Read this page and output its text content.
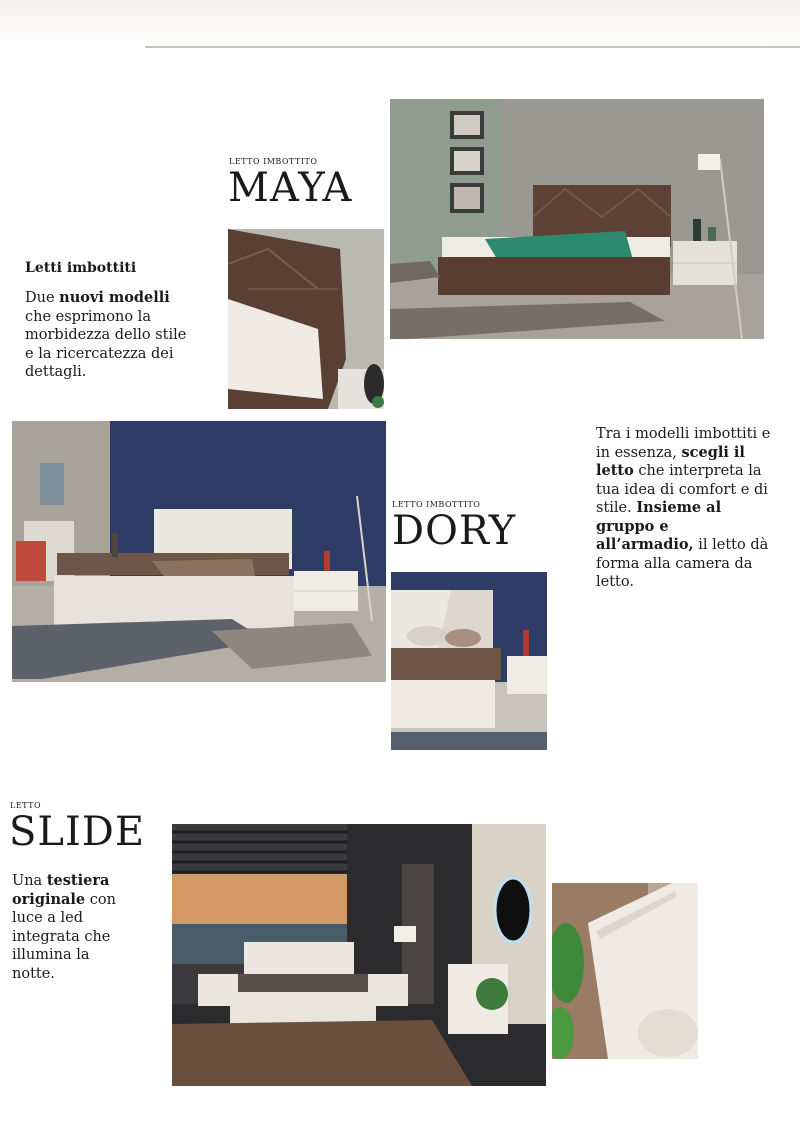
LETTO IMBOTTITO
MAYA
Letti imbottiti
Due nuovi modelli che esprimono la morbidezza dello stile e la ricercatezza dei dettagli.
LETTO IMBOTTITO
DORY
Tra i modelli imbottiti e in essenza, scegli il letto che interpreta la tua idea di comfort e di stile. Insieme al gruppo e all’armadio, il letto dà forma alla camera da letto.
LETTO
SLIDE
Una testiera originale con luce a led integrata che illumina la notte.
